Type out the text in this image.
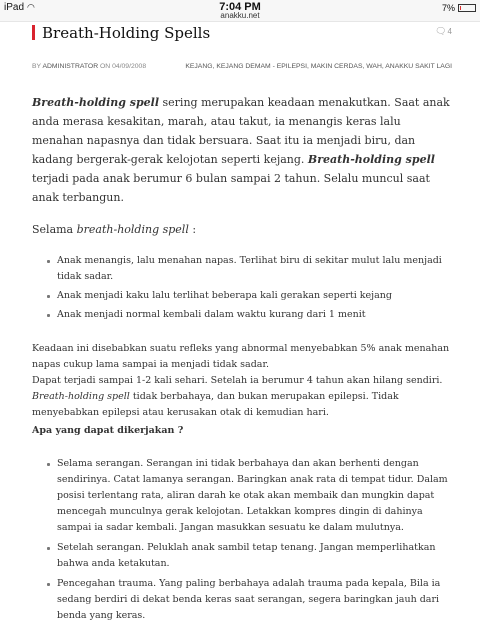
iPad ◠	7:04 PM
anakku.net
7%
Breath-Holding Spells	🗨4
BY ADMINISTRATOR ON 04/09/2008	KEJANG, KEJANG DEMAM - EPILEPSI, MAKIN CERDAS, WAH, ANAKKU SAKIT LAGI

Breath-holding spell sering merupakan keadaan menakutkan. Saat anak anda merasa kesakitan, marah, atau takut, ia menangis keras lalu menahan napasnya dan tidak bersuara. Saat itu ia menjadi biru, dan kadang bergerak-gerak kelojotan seperti kejang. Breath-holding spell terjadi pada anak berumur 6 bulan sampai 2 tahun. Selalu muncul saat anak terbangun.

Selama breath-holding spell :

Anak menangis, lalu menahan napas. Terlihat biru di sekitar mulut lalu menjadi tidak sadar.
Anak menjadi kaku lalu terlihat beberapa kali gerakan seperti kejang
Anak menjadi normal kembali dalam waktu kurang dari 1 menit

Keadaan ini disebabkan suatu refleks yang abnormal menyebabkan 5% anak menahan napas cukup lama sampai ia menjadi tidak sadar.

Dapat terjadi sampai 1-2 kali sehari. Setelah ia berumur 4 tahun akan hilang sendiri.

Breath-holding spell tidak berbahaya, dan bukan merupakan epilepsi. Tidak menyebabkan epilepsi atau kerusakan otak di kemudian hari.

Apa yang dapat dikerjakan ?

Selama serangan. Serangan ini tidak berbahaya dan akan berhenti dengan sendirinya. Catat lamanya serangan. Baringkan anak rata di tempat tidur. Dalam posisi terlentang rata, aliran darah ke otak akan membaik dan mungkin dapat mencegah munculnya gerak kelojotan. Letakkan kompres dingin di dahinya sampai ia sadar kembali. Jangan masukkan sesuatu ke dalam mulutnya.
Setelah serangan. Peluklah anak sambil tetap tenang. Jangan memperlihatkan bahwa anda ketakutan.
Pencegahan trauma. Yang paling berbahaya adalah trauma pada kepala, Bila ia sedang berdiri di dekat benda keras saat serangan, segera baringkan jauh dari benda yang keras.
